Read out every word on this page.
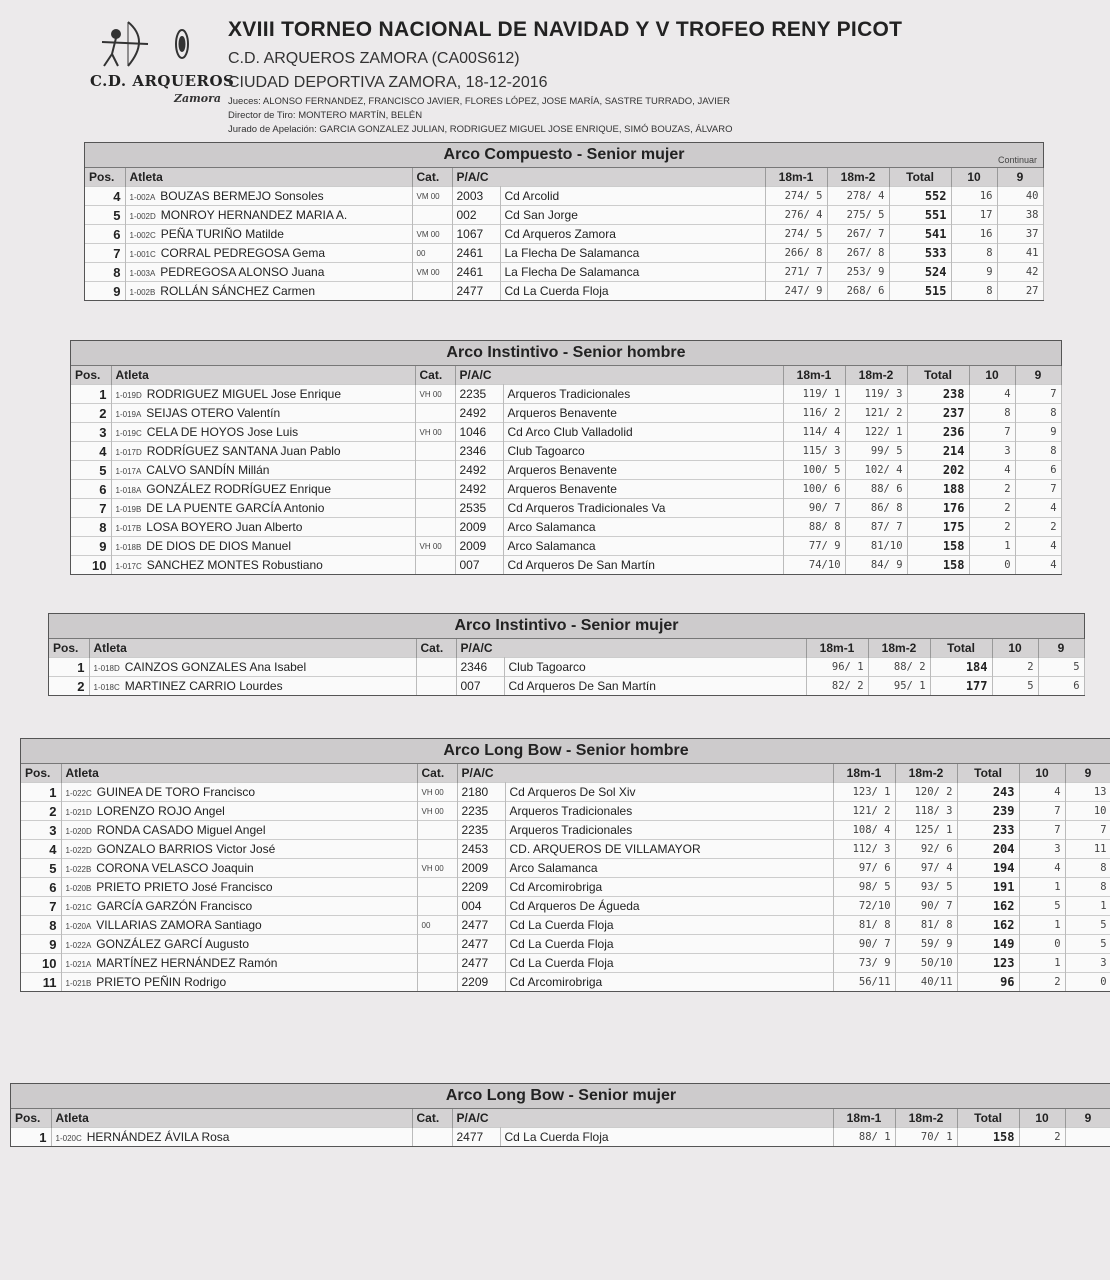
C.D. ARQUEROS
Zamora
XVIII TORNEO NACIONAL DE NAVIDAD Y V TROFEO RENY PICOT
C.D. ARQUEROS ZAMORA (CA00S612)
CIUDAD DEPORTIVA ZAMORA, 18-12-2016
Jueces: ALONSO FERNANDEZ, FRANCISCO JAVIER, FLORES LÓPEZ, JOSE MARÍA, SASTRE TURRADO, JAVIER
Director de Tiro: MONTERO MARTÍN, BELÉN
Jurado de Apelación: GARCIA GONZALEZ JULIAN, RODRIGUEZ MIGUEL JOSE ENRIQUE, SIMÓ BOUZAS, ÁLVARO
Arco Compuesto - Senior mujer	Continuar
Pos.	Atleta	Cat.	P/A/C		18m-1	18m-2	Total	10	9
4	1-002A BOUZAS BERMEJO Sonsoles	VM 00	2003	Cd Arcolid	274/ 5	278/ 4	552	16	40
5	1-002D MONROY HERNANDEZ MARIA A.		002	Cd San Jorge	276/ 4	275/ 5	551	17	38
6	1-002C PEÑA TURIÑO Matilde	VM 00	1067	Cd Arqueros Zamora	274/ 5	267/ 7	541	16	37
7	1-001C CORRAL PEDREGOSA Gema	00	2461	La Flecha De Salamanca	266/ 8	267/ 8	533	8	41
8	1-003A PEDREGOSA ALONSO Juana	VM 00	2461	La Flecha De Salamanca	271/ 7	253/ 9	524	9	42
9	1-002B ROLLÁN SÁNCHEZ Carmen		2477	Cd La Cuerda Floja	247/ 9	268/ 6	515	8	27
Arco Instintivo - Senior hombre
Pos.	Atleta	Cat.	P/A/C		18m-1	18m-2	Total	10	9
1	1-019D RODRIGUEZ MIGUEL Jose Enrique	VH 00	2235	Arqueros Tradicionales	119/ 1	119/ 3	238	4	7
2	1-019A SEIJAS OTERO Valentín		2492	Arqueros Benavente	116/ 2	121/ 2	237	8	8
3	1-019C CELA DE HOYOS Jose Luis	VH 00	1046	Cd Arco Club Valladolid	114/ 4	122/ 1	236	7	9
4	1-017D RODRÍGUEZ SANTANA Juan Pablo		2346	Club Tagoarco	115/ 3	99/ 5	214	3	8
5	1-017A CALVO SANDÍN Millán		2492	Arqueros Benavente	100/ 5	102/ 4	202	4	6
6	1-018A GONZÁLEZ RODRÍGUEZ Enrique		2492	Arqueros Benavente	100/ 6	88/ 6	188	2	7
7	1-019B DE LA PUENTE GARCÍA Antonio		2535	Cd Arqueros Tradicionales Va	90/ 7	86/ 8	176	2	4
8	1-017B LOSA BOYERO Juan Alberto		2009	Arco Salamanca	88/ 8	87/ 7	175	2	2
9	1-018B DE DIOS DE DIOS Manuel	VH 00	2009	Arco Salamanca	77/ 9	81/10	158	1	4
10	1-017C SANCHEZ MONTES Robustiano		007	Cd Arqueros De San Martín	74/10	84/ 9	158	0	4
Arco Instintivo - Senior mujer
Pos.	Atleta	Cat.	P/A/C		18m-1	18m-2	Total	10	9
1	1-018D CAINZOS GONZALES Ana Isabel		2346	Club Tagoarco	96/ 1	88/ 2	184	2	5
2	1-018C MARTINEZ CARRIO Lourdes		007	Cd Arqueros De San Martín	82/ 2	95/ 1	177	5	6
Arco Long Bow - Senior hombre
Pos.	Atleta	Cat.	P/A/C		18m-1	18m-2	Total	10	9
1	1-022C GUINEA DE TORO Francisco	VH 00	2180	Cd Arqueros De Sol Xiv	123/ 1	120/ 2	243	4	13
2	1-021D LORENZO ROJO Angel	VH 00	2235	Arqueros Tradicionales	121/ 2	118/ 3	239	7	10
3	1-020D RONDA CASADO Miguel Angel		2235	Arqueros Tradicionales	108/ 4	125/ 1	233	7	7
4	1-022D GONZALO BARRIOS Victor José		2453	CD. ARQUEROS DE VILLAMAYOR	112/ 3	92/ 6	204	3	11
5	1-022B CORONA VELASCO Joaquin	VH 00	2009	Arco Salamanca	97/ 6	97/ 4	194	4	8
6	1-020B PRIETO PRIETO José Francisco		2209	Cd Arcomirobriga	98/ 5	93/ 5	191	1	8
7	1-021C GARCÍA GARZÓN Francisco		004	Cd Arqueros De Águeda	72/10	90/ 7	162	5	1
8	1-020A VILLARIAS ZAMORA Santiago	00	2477	Cd La Cuerda Floja	81/ 8	81/ 8	162	1	5
9	1-022A GONZÁLEZ GARCÍ Augusto		2477	Cd La Cuerda Floja	90/ 7	59/ 9	149	0	5
10	1-021A MARTÍNEZ HERNÁNDEZ Ramón		2477	Cd La Cuerda Floja	73/ 9	50/10	123	1	3
11	1-021B PRIETO PEÑIN Rodrigo		2209	Cd Arcomirobriga	56/11	40/11	96	2	0
Arco Long Bow - Senior mujer
Pos.	Atleta	Cat.	P/A/C		18m-1	18m-2	Total	10	9
1	1-020C HERNÁNDEZ ÁVILA Rosa		2477	Cd La Cuerda Floja	88/ 1	70/ 1	158	2	
